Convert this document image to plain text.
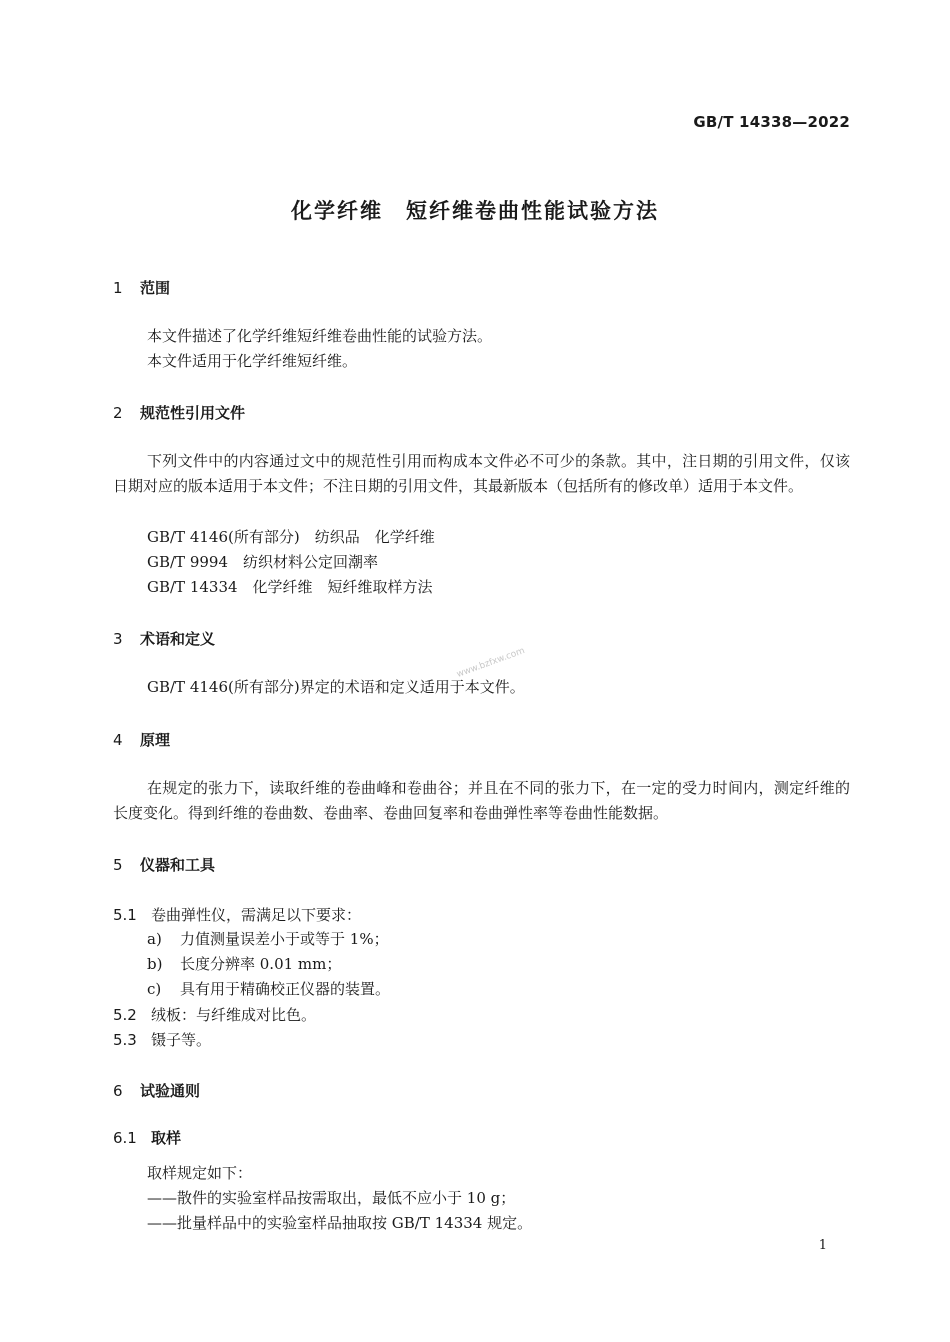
GB/T 14338—2022
化学纤维　短纤维卷曲性能试验方法
1 范围
本文件描述了化学纤维短纤维卷曲性能的试验方法。
本文件适用于化学纤维短纤维。
2 规范性引用文件
下列文件中的内容通过文中的规范性引用而构成本文件必不可少的条款。其中，注日期的引用文件，仅该日期对应的版本适用于本文件；不注日期的引用文件，其最新版本（包括所有的修改单）适用于本文件。
GB/T 4146(所有部分)　纺织品　化学纤维
GB/T 9994　纺织材料公定回潮率
GB/T 14334　化学纤维　短纤维取样方法
3 术语和定义
GB/T 4146(所有部分)界定的术语和定义适用于本文件。
www.bzfxw.com
4 原理
在规定的张力下，读取纤维的卷曲峰和卷曲谷；并且在不同的张力下，在一定的受力时间内，测定纤维的长度变化。得到纤维的卷曲数、卷曲率、卷曲回复率和卷曲弹性率等卷曲性能数据。
5 仪器和工具
5.1 卷曲弹性仪，需满足以下要求：
a) 力值测量误差小于或等于 1%；
b) 长度分辨率 0.01 mm；
c) 具有用于精确校正仪器的装置。
5.2 绒板：与纤维成对比色。
5.3 镊子等。
6 试验通则
6.1 取样
取样规定如下：
——散件的实验室样品按需取出，最低不应小于 10 g；
——批量样品中的实验室样品抽取按 GB/T 14334 规定。
1
